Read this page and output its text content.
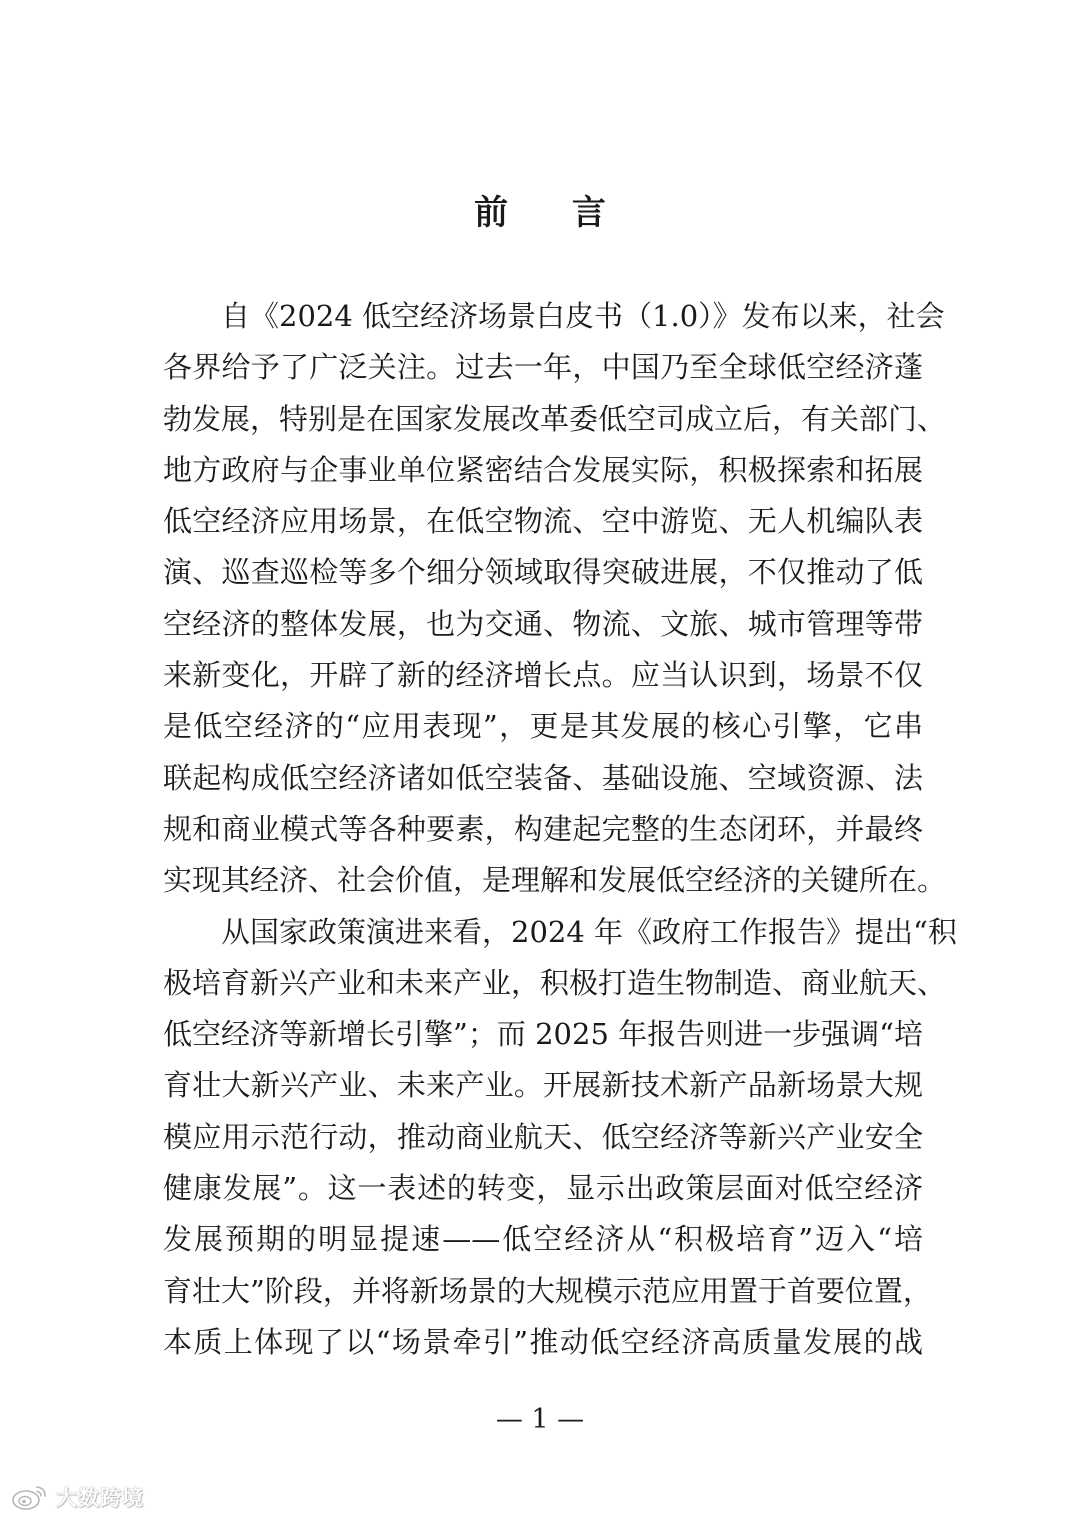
前 言
自《2024 低空经济场景白皮书（1.0）》发布以来，社会
各界给予了广泛关注。过去一年，中国乃至全球低空经济蓬
勃发展，特别是在国家发展改革委低空司成立后，有关部门、
地方政府与企事业单位紧密结合发展实际，积极探索和拓展
低空经济应用场景，在低空物流、空中游览、无人机编队表
演、巡查巡检等多个细分领域取得突破进展，不仅推动了低
空经济的整体发展，也为交通、物流、文旅、城市管理等带
来新变化，开辟了新的经济增长点。应当认识到，场景不仅
是低空经济的“应用表现”，更是其发展的核心引擎，它串
联起构成低空经济诸如低空装备、基础设施、空域资源、法
规和商业模式等各种要素，构建起完整的生态闭环，并最终
实现其经济、社会价值，是理解和发展低空经济的关键所在。
从国家政策演进来看，2024 年《政府工作报告》提出“积
极培育新兴产业和未来产业，积极打造生物制造、商业航天、
低空经济等新增长引擎”；而 2025 年报告则进一步强调“培
育壮大新兴产业、未来产业。开展新技术新产品新场景大规
模应用示范行动，推动商业航天、低空经济等新兴产业安全
健康发展”。这一表述的转变，显示出政策层面对低空经济
发展预期的明显提速——低空经济从“积极培育”迈入“培
育壮大”阶段，并将新场景的大规模示范应用置于首要位置，
本质上体现了以“场景牵引”推动低空经济高质量发展的战
— 1 —
大数跨境
